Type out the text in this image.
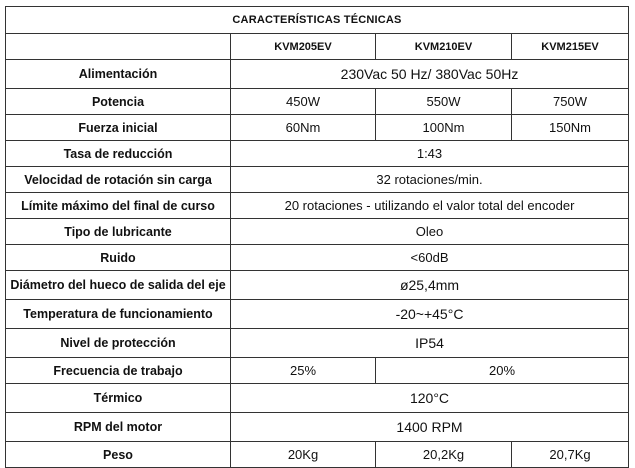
CARACTERÍSTICAS TÉCNICAS			
	KVM205EV	KVM210EV	KVM215EV
Alimentación	230Vac 50 Hz/ 380Vac 50Hz		
Potencia	450W	550W	750W
Fuerza inicial	60Nm	100Nm	150Nm
Tasa de reducción	1:43		
Velocidad de rotación sin carga	32 rotaciones/min.		
Límite máximo del final de curso	20 rotaciones - utilizando el valor total del encoder		
Tipo de lubricante	Oleo		
Ruido	<60dB		
Diámetro del hueco de salida del eje	ø25,4mm		
Temperatura de funcionamiento	-20~+45°C		
Nivel de protección	IP54		
Frecuencia de trabajo	25%	20%	
Térmico	120°C		
RPM del motor	1400 RPM		
Peso	20Kg	20,2Kg	20,7Kg
